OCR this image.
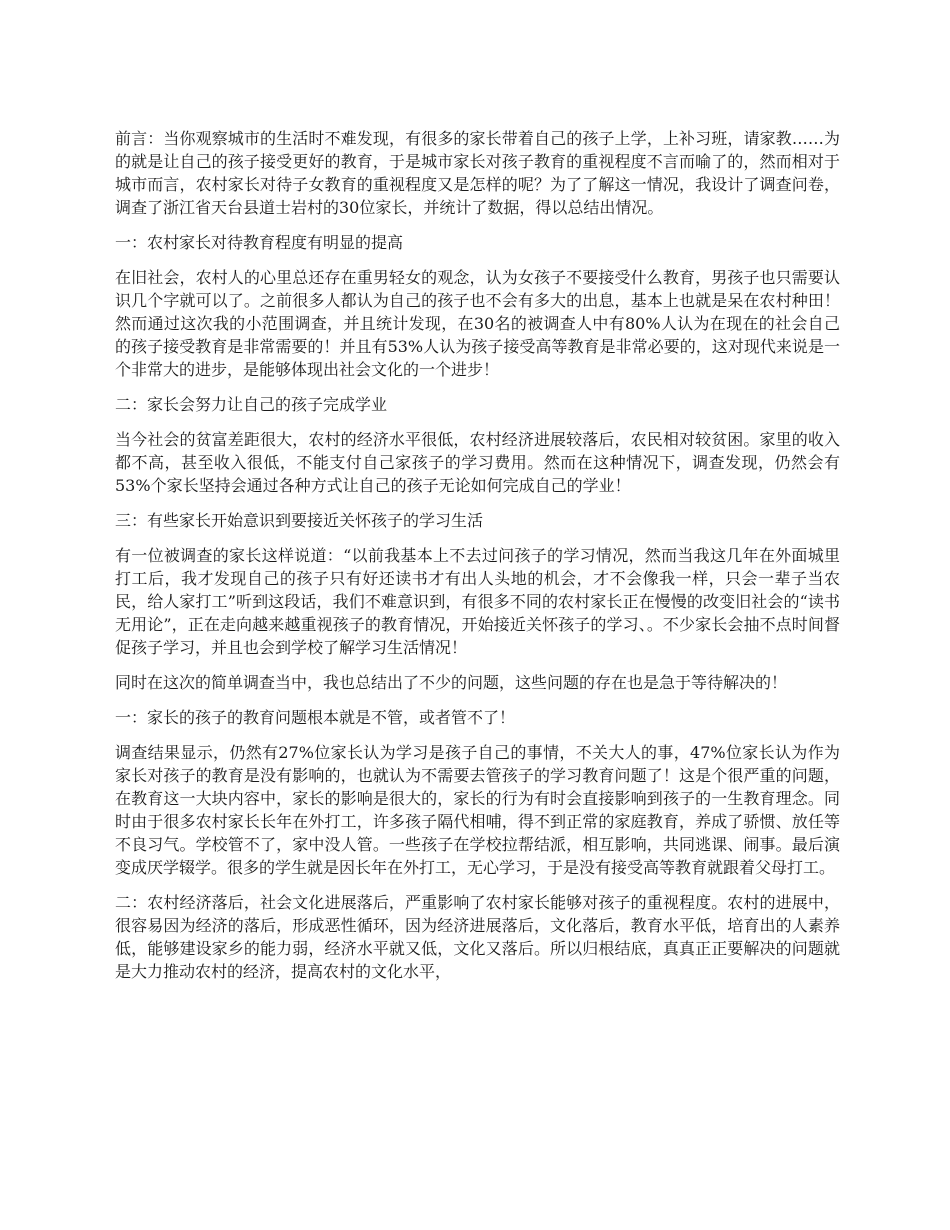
前言：当你观察城市的生活时不难发现，有很多的家长带着自己的孩子上学，上补习班，请家教……为的就是让自己的孩子接受更好的教育，于是城市家长对孩子教育的重视程度不言而喻了的，然而相对于城市而言，农村家长对待子女教育的重视程度又是怎样的呢？为了了解这一情况，我设计了调查问卷，调查了浙江省天台县道士岩村的30位家长，并统计了数据，得以总结出情况。

一：农村家长对待教育程度有明显的提高

在旧社会，农村人的心里总还存在重男轻女的观念，认为女孩子不要接受什么教育，男孩子也只需要认识几个字就可以了。之前很多人都认为自己的孩子也不会有多大的出息，基本上也就是呆在农村种田！然而通过这次我的小范围调查，并且统计发现，在30名的被调查人中有80%人认为在现在的社会自己的孩子接受教育是非常需要的！并且有53%人认为孩子接受高等教育是非常必要的，这对现代来说是一个非常大的进步，是能够体现出社会文化的一个进步！

二：家长会努力让自己的孩子完成学业

当今社会的贫富差距很大，农村的经济水平很低，农村经济进展较落后，农民相对较贫困。家里的收入都不高，甚至收入很低，不能支付自己家孩子的学习费用。然而在这种情况下，调查发现，仍然会有53%个家长坚持会通过各种方式让自己的孩子无论如何完成自己的学业！

三：有些家长开始意识到要接近关怀孩子的学习生活

有一位被调查的家长这样说道：“以前我基本上不去过问孩子的学习情况，然而当我这几年在外面城里打工后，我才发现自己的孩子只有好还读书才有出人头地的机会，才不会像我一样，只会一辈子当农民，给人家打工”听到这段话，我们不难意识到，有很多不同的农村家长正在慢慢的改变旧社会的“读书无用论”，正在走向越来越重视孩子的教育情况，开始接近关怀孩子的学习、。不少家长会抽不点时间督促孩子学习，并且也会到学校了解学习生活情况！

同时在这次的简单调查当中，我也总结出了不少的问题，这些问题的存在也是急于等待解决的！

一：家长的孩子的教育问题根本就是不管，或者管不了！

调查结果显示，仍然有27%位家长认为学习是孩子自己的事情，不关大人的事，47%位家长认为作为家长对孩子的教育是没有影响的，也就认为不需要去管孩子的学习教育问题了！这是个很严重的问题，在教育这一大块内容中，家长的影响是很大的，家长的行为有时会直接影响到孩子的一生教育理念。同时由于很多农村家长长年在外打工，许多孩子隔代相哺，得不到正常的家庭教育，养成了骄惯、放任等不良习气。学校管不了，家中没人管。一些孩子在学校拉帮结派，相互影响，共同逃课、闹事。最后演变成厌学辍学。很多的学生就是因长年在外打工，无心学习，于是没有接受高等教育就跟着父母打工。

二：农村经济落后，社会文化进展落后，严重影响了农村家长能够对孩子的重视程度。农村的进展中，很容易因为经济的落后，形成恶性循环，因为经济进展落后，文化落后，教育水平低，培育出的人素养低，能够建设家乡的能力弱，经济水平就又低，文化又落后。所以归根结底，真真正正要解决的问题就是大力推动农村的经济，提高农村的文化水平，
